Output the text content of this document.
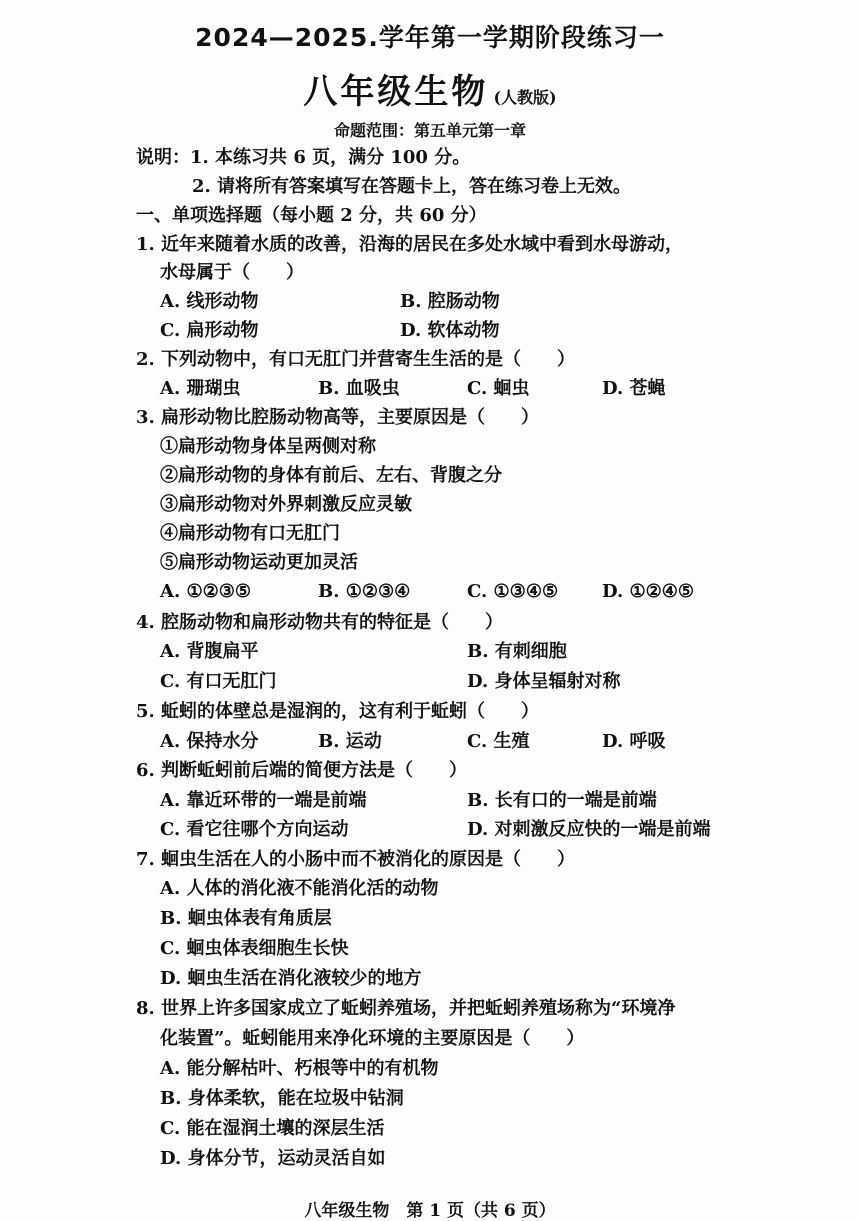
2024—2025.学年第一学期阶段练习一
八年级生物 (人教版)
命题范围：第五单元第一章
说明：1. 本练习共 6 页，满分 100 分。
2. 请将所有答案填写在答题卡上，答在练习卷上无效。
一、单项选择题（每小题 2 分，共 60 分）
1. 近年来随着水质的改善，沿海的居民在多处水域中看到水母游动，
水母属于（　　）
A. 线形动物	B. 腔肠动物
C. 扁形动物	D. 软体动物
2. 下列动物中，有口无肛门并营寄生生活的是（　　）
A. 珊瑚虫	B. 血吸虫	C. 蛔虫	D. 苍蝇
3. 扁形动物比腔肠动物高等，主要原因是（　　）
①扁形动物身体呈两侧对称
②扁形动物的身体有前后、左右、背腹之分
③扁形动物对外界刺激反应灵敏
④扁形动物有口无肛门
⑤扁形动物运动更加灵活
A. ①②③⑤	B. ①②③④	C. ①③④⑤ D. ①②④⑤
4. 腔肠动物和扁形动物共有的特征是（　　）
A. 背腹扁平	B. 有刺细胞
C. 有口无肛门	D. 身体呈辐射对称
5. 蚯蚓的体壁总是湿润的，这有利于蚯蚓（　　）
A. 保持水分	B. 运动	C. 生殖	D. 呼吸
6. 判断蚯蚓前后端的简便方法是（　　）
A. 靠近环带的一端是前端	B. 长有口的一端是前端
C. 看它往哪个方向运动	D. 对刺激反应快的一端是前端
7. 蛔虫生活在人的小肠中而不被消化的原因是（　　）
A. 人体的消化液不能消化活的动物
B. 蛔虫体表有角质层
C. 蛔虫体表细胞生长快
D. 蛔虫生活在消化液较少的地方
8. 世界上许多国家成立了蚯蚓养殖场，并把蚯蚓养殖场称为“环境净
化装置”。蚯蚓能用来净化环境的主要原因是（　　）
A. 能分解枯叶、朽根等中的有机物
B. 身体柔软，能在垃圾中钻洞
C. 能在湿润土壤的深层生活
D. 身体分节，运动灵活自如
八年级生物　第 1 页（共 6 页）
